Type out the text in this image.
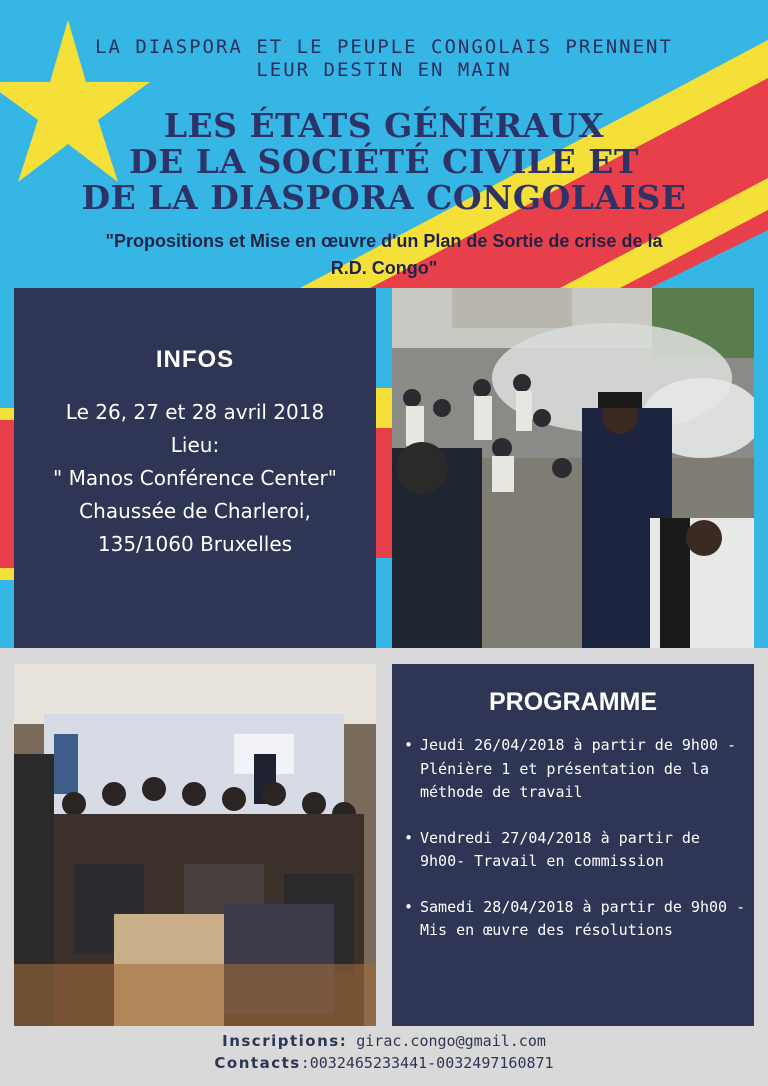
LA DIASPORA ET LE PEUPLE CONGOLAIS PRENNENT
LEUR DESTIN EN MAIN
LES ÉTATS GÉNÉRAUX
DE LA SOCIÉTÉ CIVILE ET
DE LA DIASPORA CONGOLAISE
"Propositions et Mise en œuvre d'un Plan de Sortie de crise de la
R.D. Congo"
INFOS
Le 26, 27 et 28 avril 2018
Lieu:
" Manos Conférence Center"
Chaussée de Charleroi,
135/1060 Bruxelles
PROGRAMME
• Jeudi 26/04/2018 à partir de 9h00 - Plénière 1 et présentation de la méthode de travail
• Vendredi 27/04/2018 à partir de 9h00- Travail en commission
• Samedi 28/04/2018 à partir de 9h00 - Mis en œuvre des résolutions
Inscriptions: girac.congo@gmail.com
Contacts:0032465233441-0032497160871
